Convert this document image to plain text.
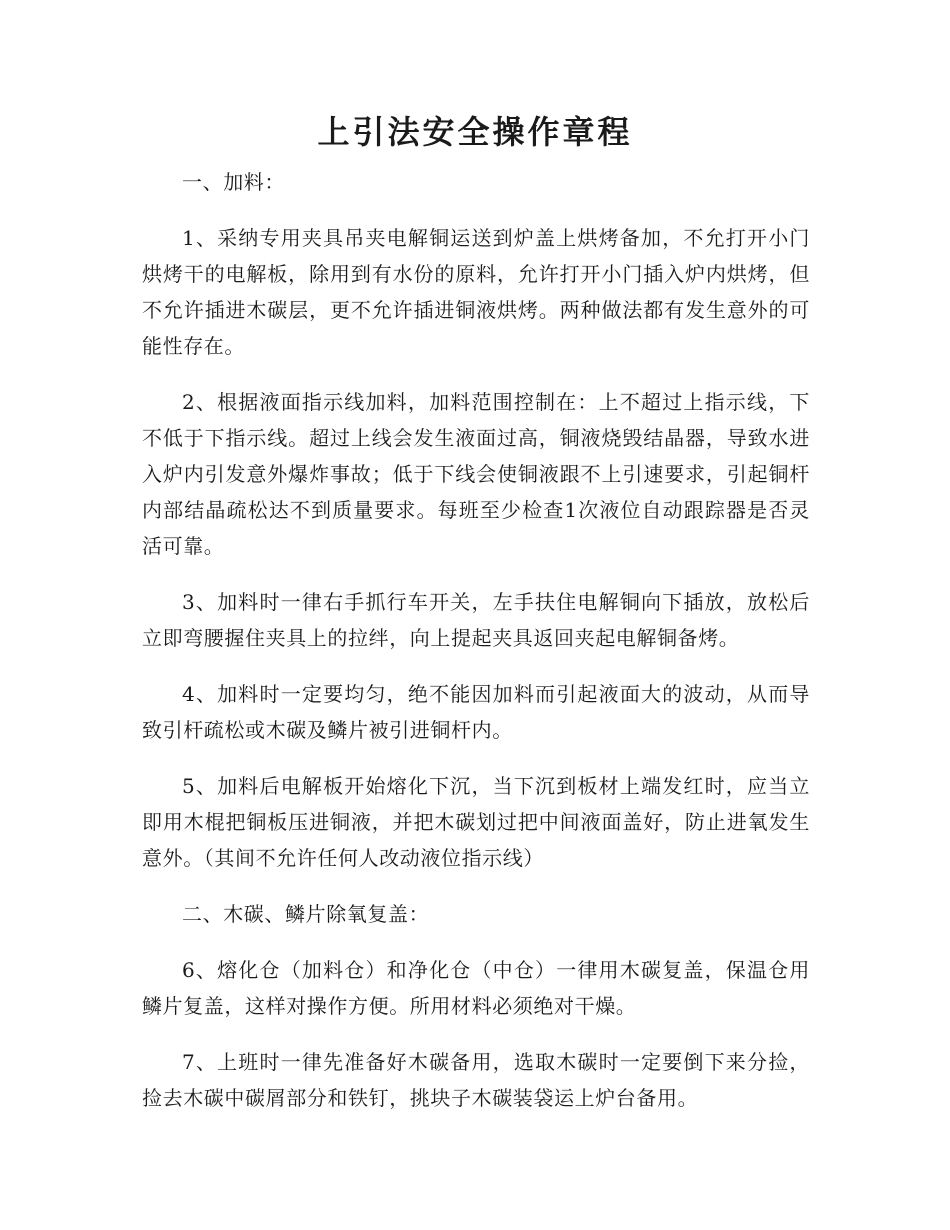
上引法安全操作章程

一、加料：

1、采纳专用夹具吊夹电解铜运送到炉盖上烘烤备加，不允打开小门烘烤干的电解板，除用到有水份的原料，允许打开小门插入炉内烘烤，但不允许插进木碳层，更不允许插进铜液烘烤。两种做法都有发生意外的可能性存在。

2、根据液面指示线加料，加料范围控制在：上不超过上指示线，下不低于下指示线。超过上线会发生液面过高，铜液烧毁结晶器，导致水进入炉内引发意外爆炸事故；低于下线会使铜液跟不上引速要求，引起铜杆内部结晶疏松达不到质量要求。每班至少检查1次液位自动跟踪器是否灵活可靠。

3、加料时一律右手抓行车开关，左手扶住电解铜向下插放，放松后立即弯腰握住夹具上的拉绊，向上提起夹具返回夹起电解铜备烤。

4、加料时一定要均匀，绝不能因加料而引起液面大的波动，从而导致引杆疏松或木碳及鳞片被引进铜杆内。

5、加料后电解板开始熔化下沉，当下沉到板材上端发红时，应当立即用木棍把铜板压进铜液，并把木碳划过把中间液面盖好，防止进氧发生意外。（其间不允许任何人改动液位指示线）

二、木碳、鳞片除氧复盖：

6、熔化仓（加料仓）和净化仓（中仓）一律用木碳复盖，保温仓用鳞片复盖，这样对操作方便。所用材料必须绝对干燥。

7、上班时一律先准备好木碳备用，选取木碳时一定要倒下来分捡，捡去木碳中碳屑部分和铁钉，挑块子木碳装袋运上炉台备用。
